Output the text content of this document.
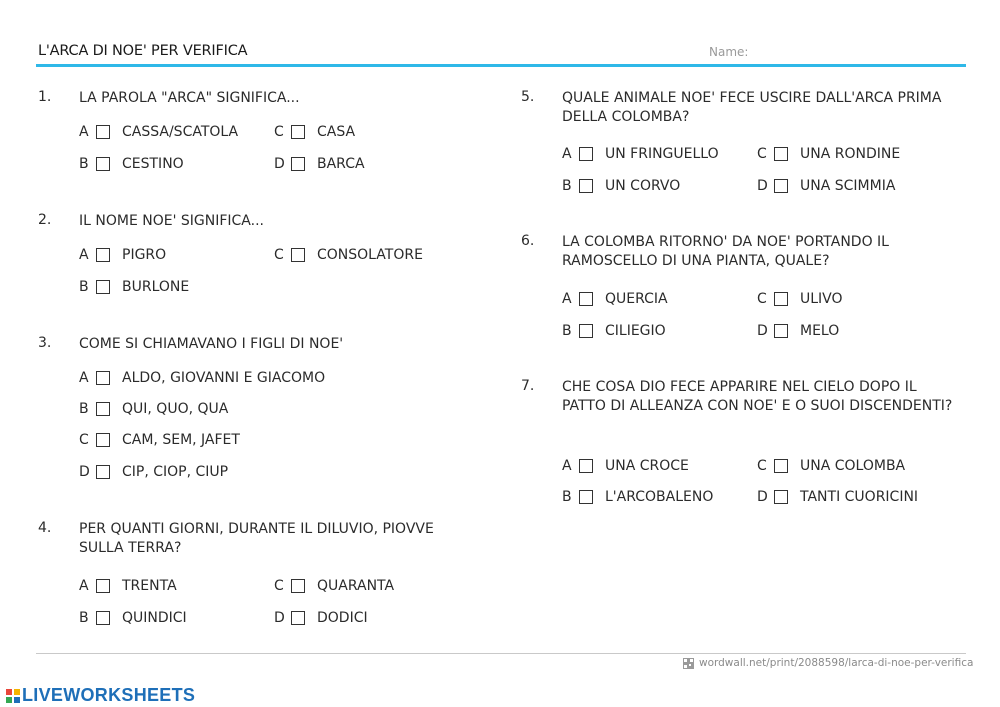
L'ARCA DI NOE' PER VERIFICA	Name:
1. LA PAROLA "ARCA" SIGNIFICA...
A	CASSA/SCATOLA	C	CASA
B	CESTINO	D BARCA
2. IL NOME NOE' SIGNIFICA...
A	PIGRO	C	CONSOLATORE
B	BURLONE
3. COME SI CHIAMAVANO I FIGLI DI NOE'
A	ALDO, GIOVANNI E GIACOMO
B	QUI, QUO, QUA
C	CAM, SEM, JAFET
D CIP, CIOP, CIUP
4. PER QUANTI GIORNI, DURANTE IL DILUVIO, PIOVVE SULLA TERRA?
A	TRENTA	C	QUARANTA
B	QUINDICI	D DODICI
5. QUALE ANIMALE NOE' FECE USCIRE DALL'ARCA PRIMA DELLA COLOMBA?
A	UN FRINGUELLO	C	UNA RONDINE
B	UN CORVO	D UNA SCIMMIA
6. LA COLOMBA RITORNO' DA NOE' PORTANDO IL RAMOSCELLO DI UNA PIANTA, QUALE?
A	QUERCIA	C	ULIVO
B	CILIEGIO	D MELO
7. CHE COSA DIO FECE APPARIRE NEL CIELO DOPO IL PATTO DI ALLEANZA CON NOE' E O SUOI DISCENDENTI?
A	UNA CROCE	C	UNA COLOMBA
B	L'ARCOBALENO	D TANTI CUORICINI
wordwall.net/print/2088598/larca-di-noe-per-verifica
LIVEWORKSHEETS
